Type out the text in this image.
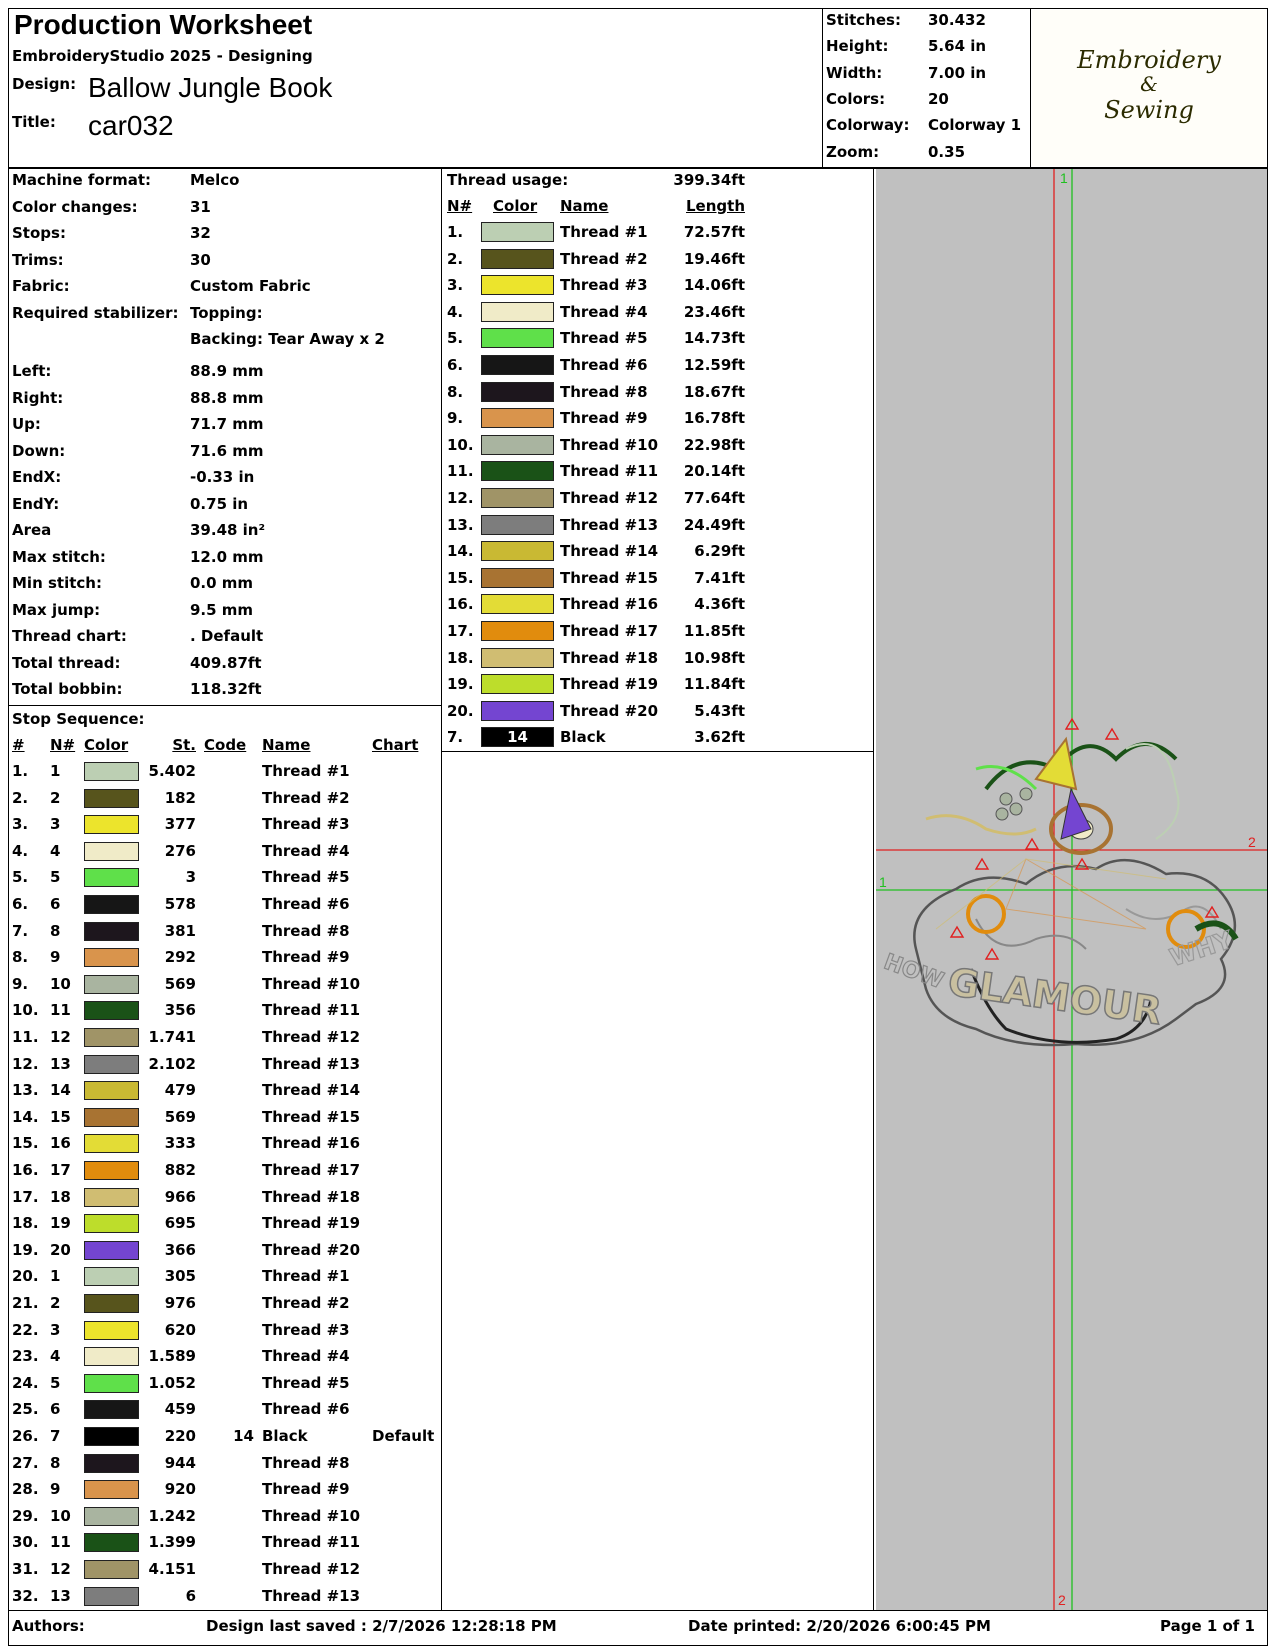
Production Worksheet
EmbroideryStudio 2025 - Designing
Design: Ballow Jungle Book
Title: car032
Stitches: 30.432
Height:	5.64 in
Width:	7.00 in
Colors:	20
Colorway: Colorway 1
Zoom:	0.35
Embroidery
&
Sewing
Machine format:	Melco
Color changes:	31
Stops:	32
Trims:	30
Fabric:	Custom Fabric
Required stabilizer: Topping:
Backing: Tear Away x 2
Left:	88.9 mm
Right:	88.8 mm
Up:	71.7 mm
Down:	71.6 mm
EndX:	-0.33 in
EndY:	0.75 in
Area	39.48 in²
Max stitch:	12.0 mm
Min stitch:	0.0 mm
Max jump:	9.5 mm
Thread chart:	. Default
Total thread:	409.87ft
Total bobbin:	118.32ft
Stop Sequence:
# N# Color	St. Code Name	Chart
1. 1	5.402	Thread #1
2. 2	182	Thread #2
3. 3	377	Thread #3
4. 4	276	Thread #4
5. 5	3	Thread #5
6. 6	578	Thread #6
7. 8	381	Thread #8
8. 9	292	Thread #9
9. 10	569	Thread #10
10. 11	356	Thread #11
11. 12	1.741	Thread #12
12. 13	2.102	Thread #13
13. 14	479	Thread #14
14. 15	569	Thread #15
15. 16	333	Thread #16
16. 17	882	Thread #17
17. 18	966	Thread #18
18. 19	695	Thread #19
19. 20	366	Thread #20
20. 1	305	Thread #1
21. 2	976	Thread #2
22. 3	620	Thread #3
23. 4	1.589	Thread #4
24. 5	1.052	Thread #5
25. 6	459	Thread #6
26. 7	220	14 Black	Default
27. 8	944	Thread #8
28. 9	920	Thread #9
29. 10	1.242	Thread #10
30. 11	1.399	Thread #11
31. 12	4.151	Thread #12
32. 13	6	Thread #13
Thread usage:	399.34ft
N# Color Name	Length
1.	Thread #1	72.57ft
2.	Thread #2	19.46ft
3.	Thread #3	14.06ft
4.	Thread #4	23.46ft
5.	Thread #5	14.73ft
6.	Thread #6	12.59ft
8.	Thread #8	18.67ft
9.	Thread #9	16.78ft
10.	Thread #10	22.98ft
11.	Thread #11	20.14ft
12.	Thread #12	77.64ft
13.	Thread #13	24.49ft
14.	Thread #14	6.29ft
15.	Thread #15	7.41ft
16.	Thread #16	4.36ft
17.	Thread #17	11.85ft
18.	Thread #18	10.98ft
19.	Thread #19	11.84ft
20.	Thread #20	5.43ft
7.	14	Black	3.62ft
HOW	WHY
GLAMOUR
1
2
1
2
Authors:	Design last saved : 2/7/2026 12:28:18 PM	Date printed: 2/20/2026 6:00:45 PM	Page 1 of 1
